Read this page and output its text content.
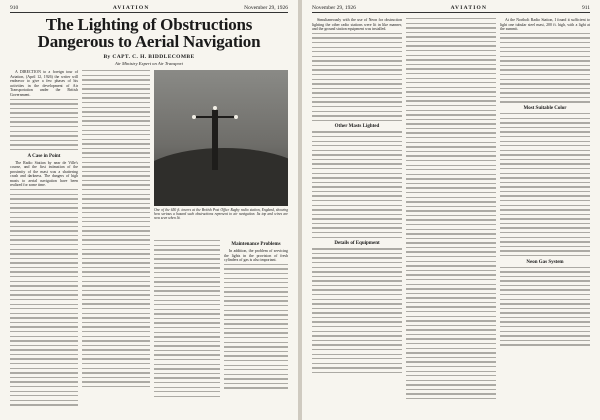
910	AVIATION	November 29, 1926
The Lighting of Obstructions Dangerous to Aerial Navigation
By CAPT. C. H. BIDDLECOMBE
Air Ministry Expert on Air Transport

A DIRECTION to a foreign tour of Aviation, (April 12, 1926) the writer will endeavor to give a few phases of his activities in the development of Air Transportation under the British Government.

A Case in Point

The Radio Station by near de Ville's course, and the first intimation of the proximity of the mast was a shattering crash and darkness. The dangers of high masts to aerial navigation have been realized for some time.

One of the 650 ft. towers at the British Post Office Rugby radio station, England, showing how serious a hazard such obstructions represent to air navigation. Its top and wires are now seen when lit.
Maintenance Problems

In addition, the problem of servicing the lights in the provision of fresh cylinders of gas is also important.

November 29, 1926	AVIATION	911

Simultaneously with the use of Neon for obstruction lighting the other radio stations were lit in like manner, and the ground station equipment was installed.

Other Masts Lighted
Details of Equipment

At the Northolt Radio Station, I found it sufficient to light one tubular steel mast, 200 ft. high, with a light at the summit.

Most Suitable Color
Neon Gas System
